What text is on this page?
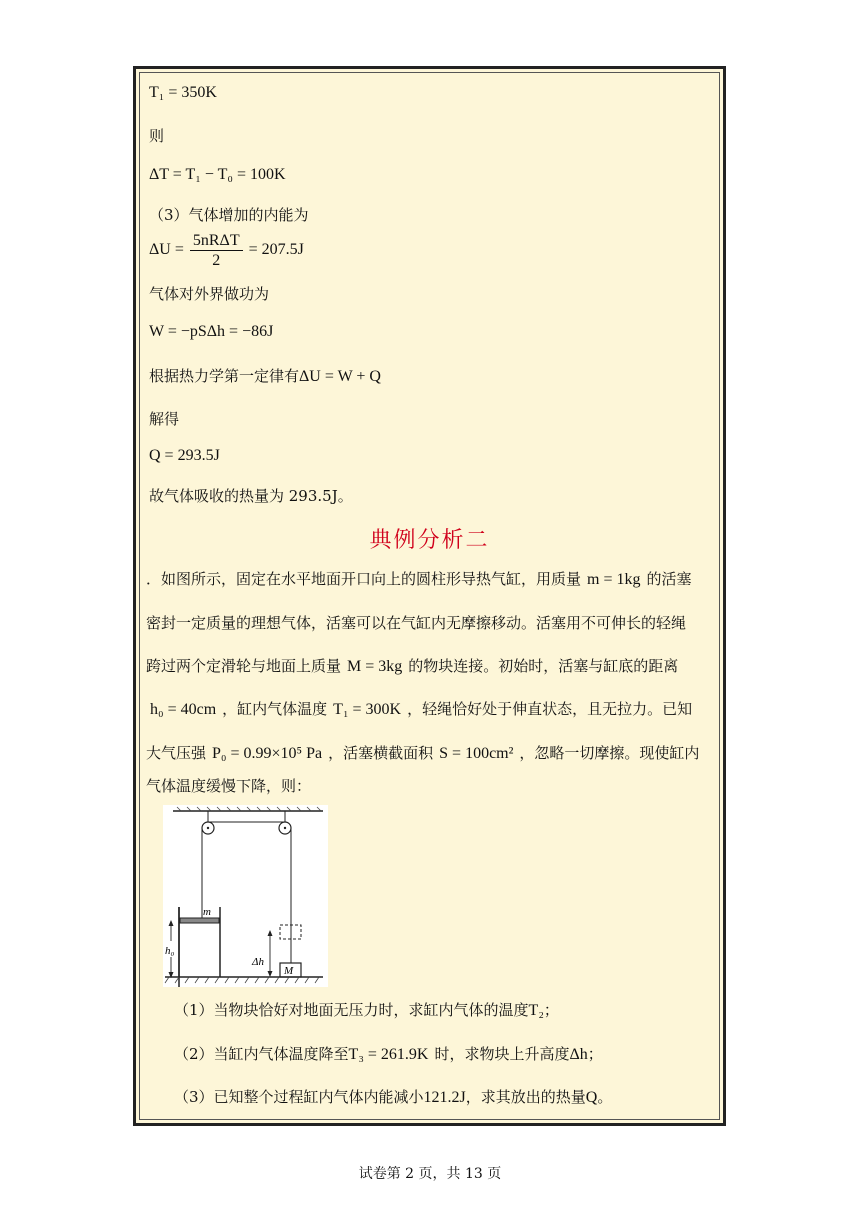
T₁ = 350K
则
ΔT = T₁ − T₀ = 100K
（3）气体增加的内能为
$\Delta U = \frac{\text{5nRΔT}}{2} = 207.5J$
气体对外界做功为
W = −pSΔh = −86J
根据热力学第一定律有ΔU = W + Q
解得
Q = 293.5J
故气体吸收的热量为 293.5J。
典例分析二
．如图所示，固定在水平地面开口向上的圆柱形导热气缸，用质量 m = 1kg 的活塞
密封一定质量的理想气体，活塞可以在气缸内无摩擦移动。活塞用不可伸长的轻绳
跨过两个定滑轮与地面上质量 M = 3kg 的物块连接。初始时，活塞与缸底的距离
h₀ = 40cm ，缸内气体温度 T₁ = 300K ，轻绳恰好处于伸直状态，且无拉力。已知
大气压强 P₀ = 0.99×10⁵ Pa ，活塞横截面积 S = 100cm² ，忽略一切摩擦。现使缸内
气体温度缓慢下降，则：
m
h₀
Δh
M
（1）当物块恰好对地面无压力时，求缸内气体的温度T₂；
（2）当缸内气体温度降至T₃ = 261.9K 时，求物块上升高度Δh；
（3）已知整个过程缸内气体内能减小121.2J，求其放出的热量Q。
试卷第 2 页，共 13 页
